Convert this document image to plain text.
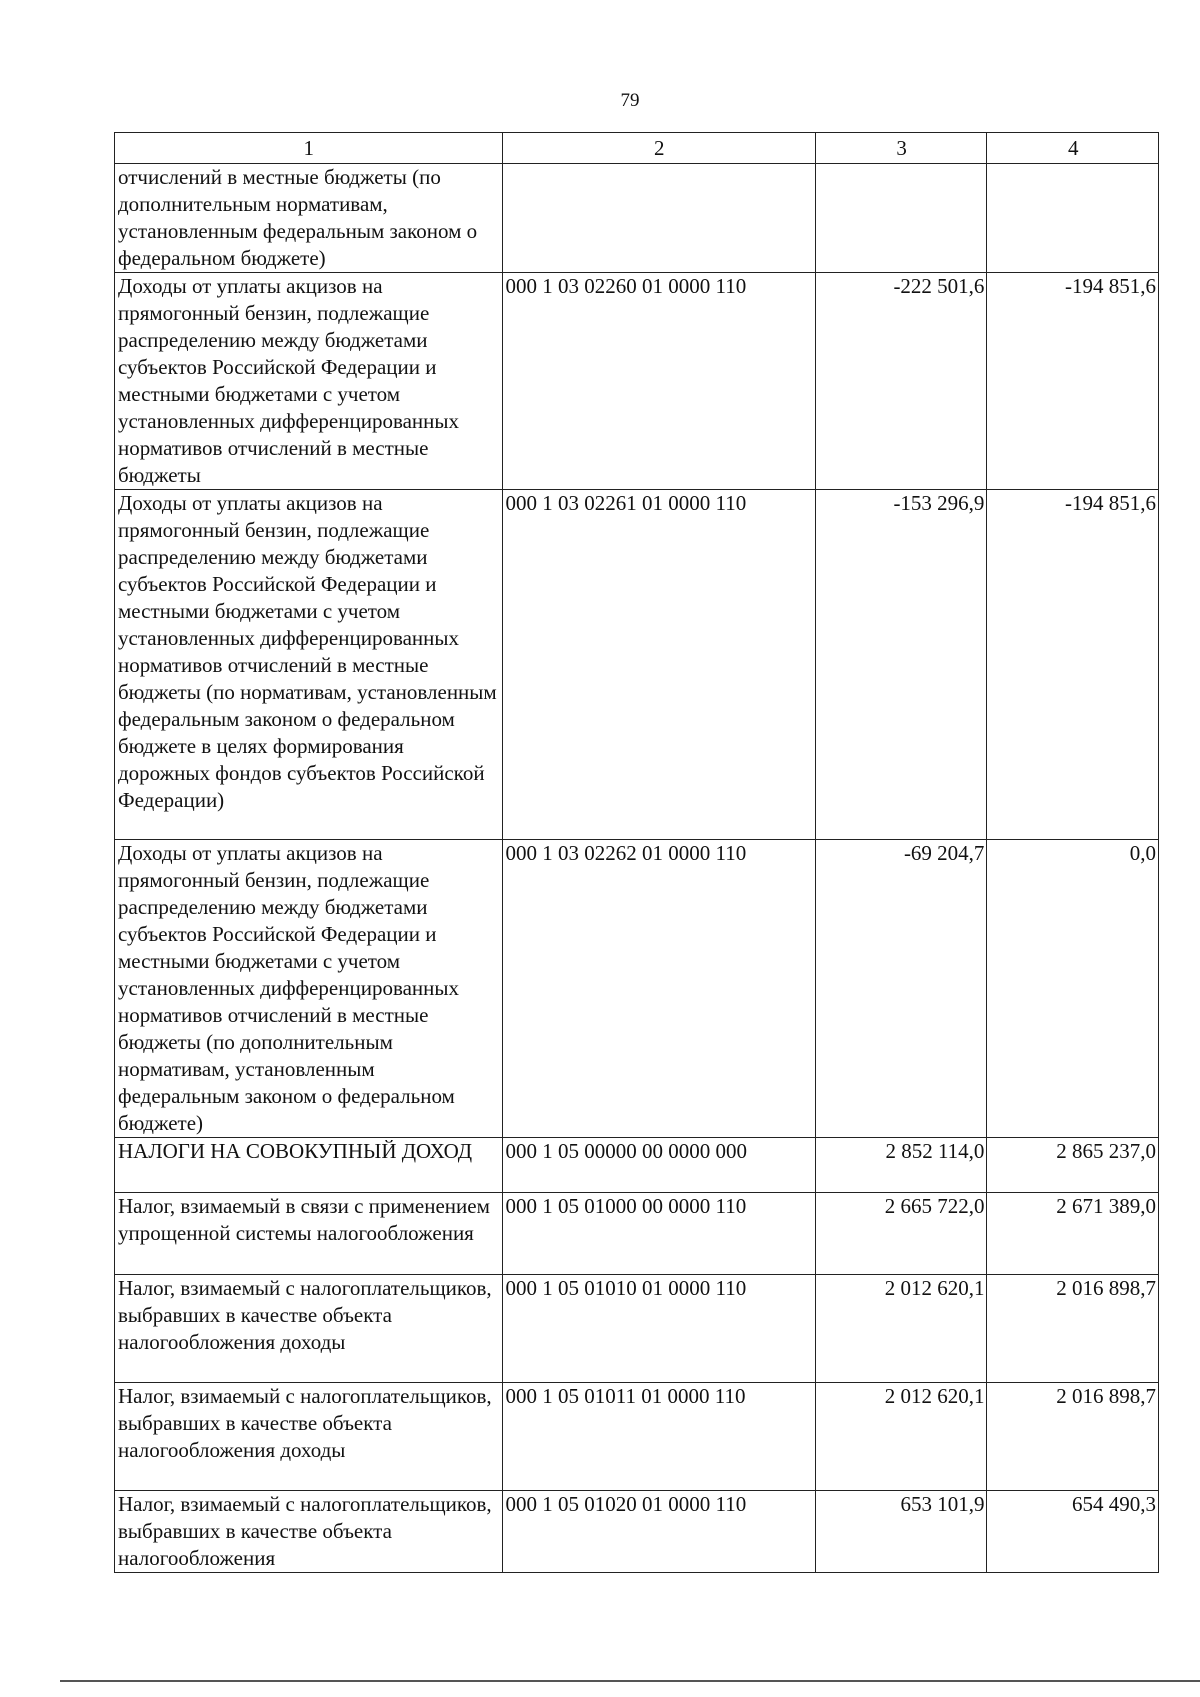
79
1	2	3	4
отчислений в местные бюджеты (по дополнительным нормативам, установленным федеральным законом о федеральном бюджете)			
Доходы от уплаты акцизов на прямогонный бензин, подлежащие распределению между бюджетами субъектов Российской Федерации и местными бюджетами с учетом установленных дифференцированных нормативов отчислений в местные бюджеты	000 1 03 02260 01 0000 110	-222 501,6	-194 851,6
Доходы от уплаты акцизов на прямогонный бензин, подлежащие распределению между бюджетами субъектов Российской Федерации и местными бюджетами с учетом установленных дифференцированных нормативов отчислений в местные бюджеты (по нормативам, установленным федеральным законом о федеральном бюджете в целях формирования дорожных фондов субъектов Российской Федерации)	000 1 03 02261 01 0000 110	-153 296,9	-194 851,6
Доходы от уплаты акцизов на прямогонный бензин, подлежащие распределению между бюджетами субъектов Российской Федерации и местными бюджетами с учетом установленных дифференцированных нормативов отчислений в местные бюджеты (по дополнительным нормативам, установленным федеральным законом о федеральном бюджете)	000 1 03 02262 01 0000 110	-69 204,7	0,0
НАЛОГИ НА СОВОКУПНЫЙ ДОХОД	000 1 05 00000 00 0000 000	2 852 114,0	2 865 237,0
Налог, взимаемый в связи с применением упрощенной системы налогообложения	000 1 05 01000 00 0000 110	2 665 722,0	2 671 389,0
Налог, взимаемый с налогоплательщиков, выбравших в качестве объекта налогообложения доходы	000 1 05 01010 01 0000 110	2 012 620,1	2 016 898,7
Налог, взимаемый с налогоплательщиков, выбравших в качестве объекта налогообложения доходы	000 1 05 01011 01 0000 110	2 012 620,1	2 016 898,7
Налог, взимаемый с налогоплательщиков, выбравших в качестве объекта налогообложения	000 1 05 01020 01 0000 110	653 101,9	654 490,3
